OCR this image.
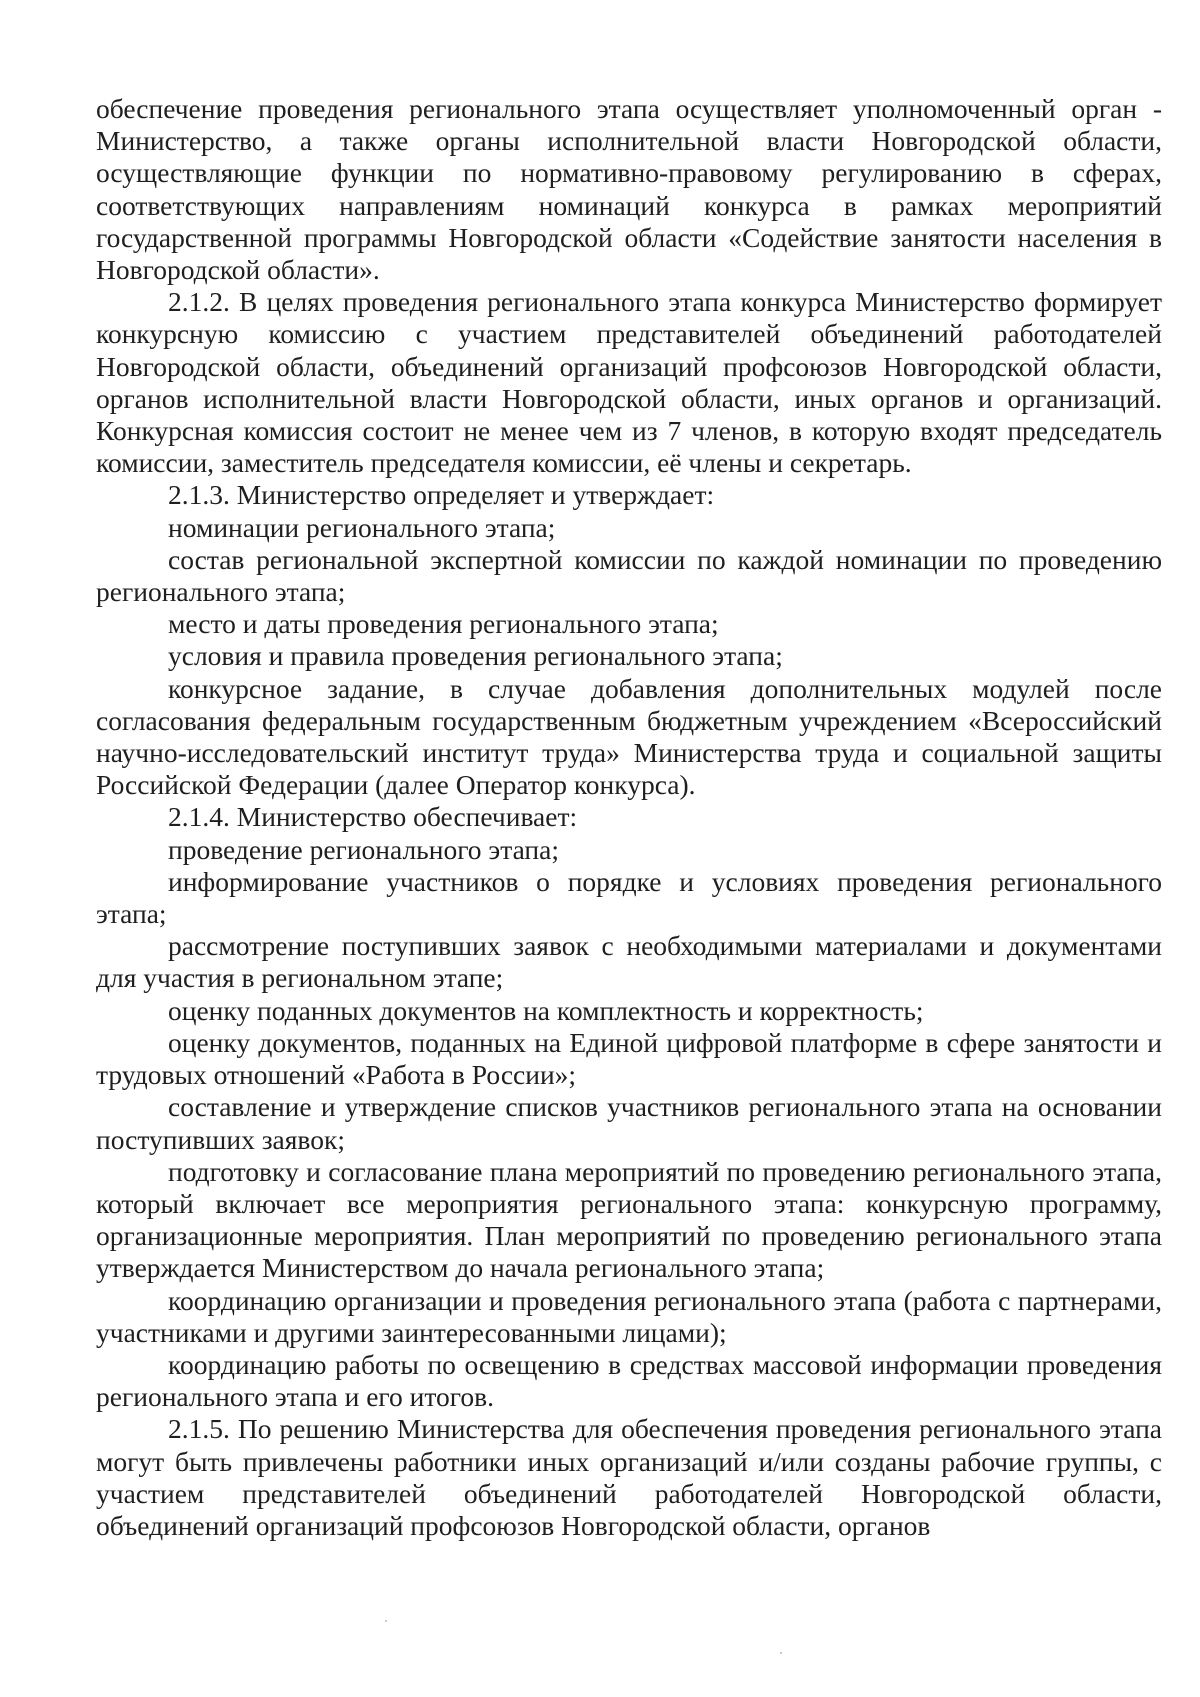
обеспечение проведения регионального этапа осуществляет уполномоченный орган - Министерство, а также органы исполнительной власти Новгородской области, осуществляющие функции по нормативно-правовому регулированию в сферах, соответствующих направлениям номинаций конкурса в рамках мероприятий государственной программы Новгородской области «Содействие занятости населения в Новгородской области».

2.1.2. В целях проведения регионального этапа конкурса Министерство формирует конкурсную комиссию с участием представителей объединений работодателей Новгородской области, объединений организаций профсоюзов Новгородской области, органов исполнительной власти Новгородской области, иных органов и организаций. Конкурсная комиссия состоит не менее чем из 7 членов, в которую входят председатель комиссии, заместитель председателя комиссии, её члены и секретарь.

2.1.3. Министерство определяет и утверждает:

номинации регионального этапа;

состав региональной экспертной комиссии по каждой номинации по проведению регионального этапа;

место и даты проведения регионального этапа;

условия и правила проведения регионального этапа;

конкурсное задание, в случае добавления дополнительных модулей после согласования федеральным государственным бюджетным учреждением «Всероссийский научно-исследовательский институт труда» Министерства труда и социальной защиты Российской Федерации (далее Оператор конкурса).

2.1.4. Министерство обеспечивает:

проведение регионального этапа;

информирование участников о порядке и условиях проведения регионального этапа;

рассмотрение поступивших заявок с необходимыми материалами и документами для участия в региональном этапе;

оценку поданных документов на комплектность и корректность;

оценку документов, поданных на Единой цифровой платформе в сфере занятости и трудовых отношений «Работа в России»;

составление и утверждение списков участников регионального этапа на основании поступивших заявок;

подготовку и согласование плана мероприятий по проведению регионального этапа, который включает все мероприятия регионального этапа: конкурсную программу, организационные мероприятия. План мероприятий по проведению регионального этапа утверждается Министерством до начала регионального этапа;

координацию организации и проведения регионального этапа (работа с партнерами, участниками и другими заинтересованными лицами);

координацию работы по освещению в средствах массовой информации проведения регионального этапа и его итогов.

2.1.5. По решению Министерства для обеспечения проведения регионального этапа могут быть привлечены работники иных организаций и/или созданы рабочие группы, с участием представителей объединений работодателей Новгородской области, объединений организаций профсоюзов Новгородской области, органов
